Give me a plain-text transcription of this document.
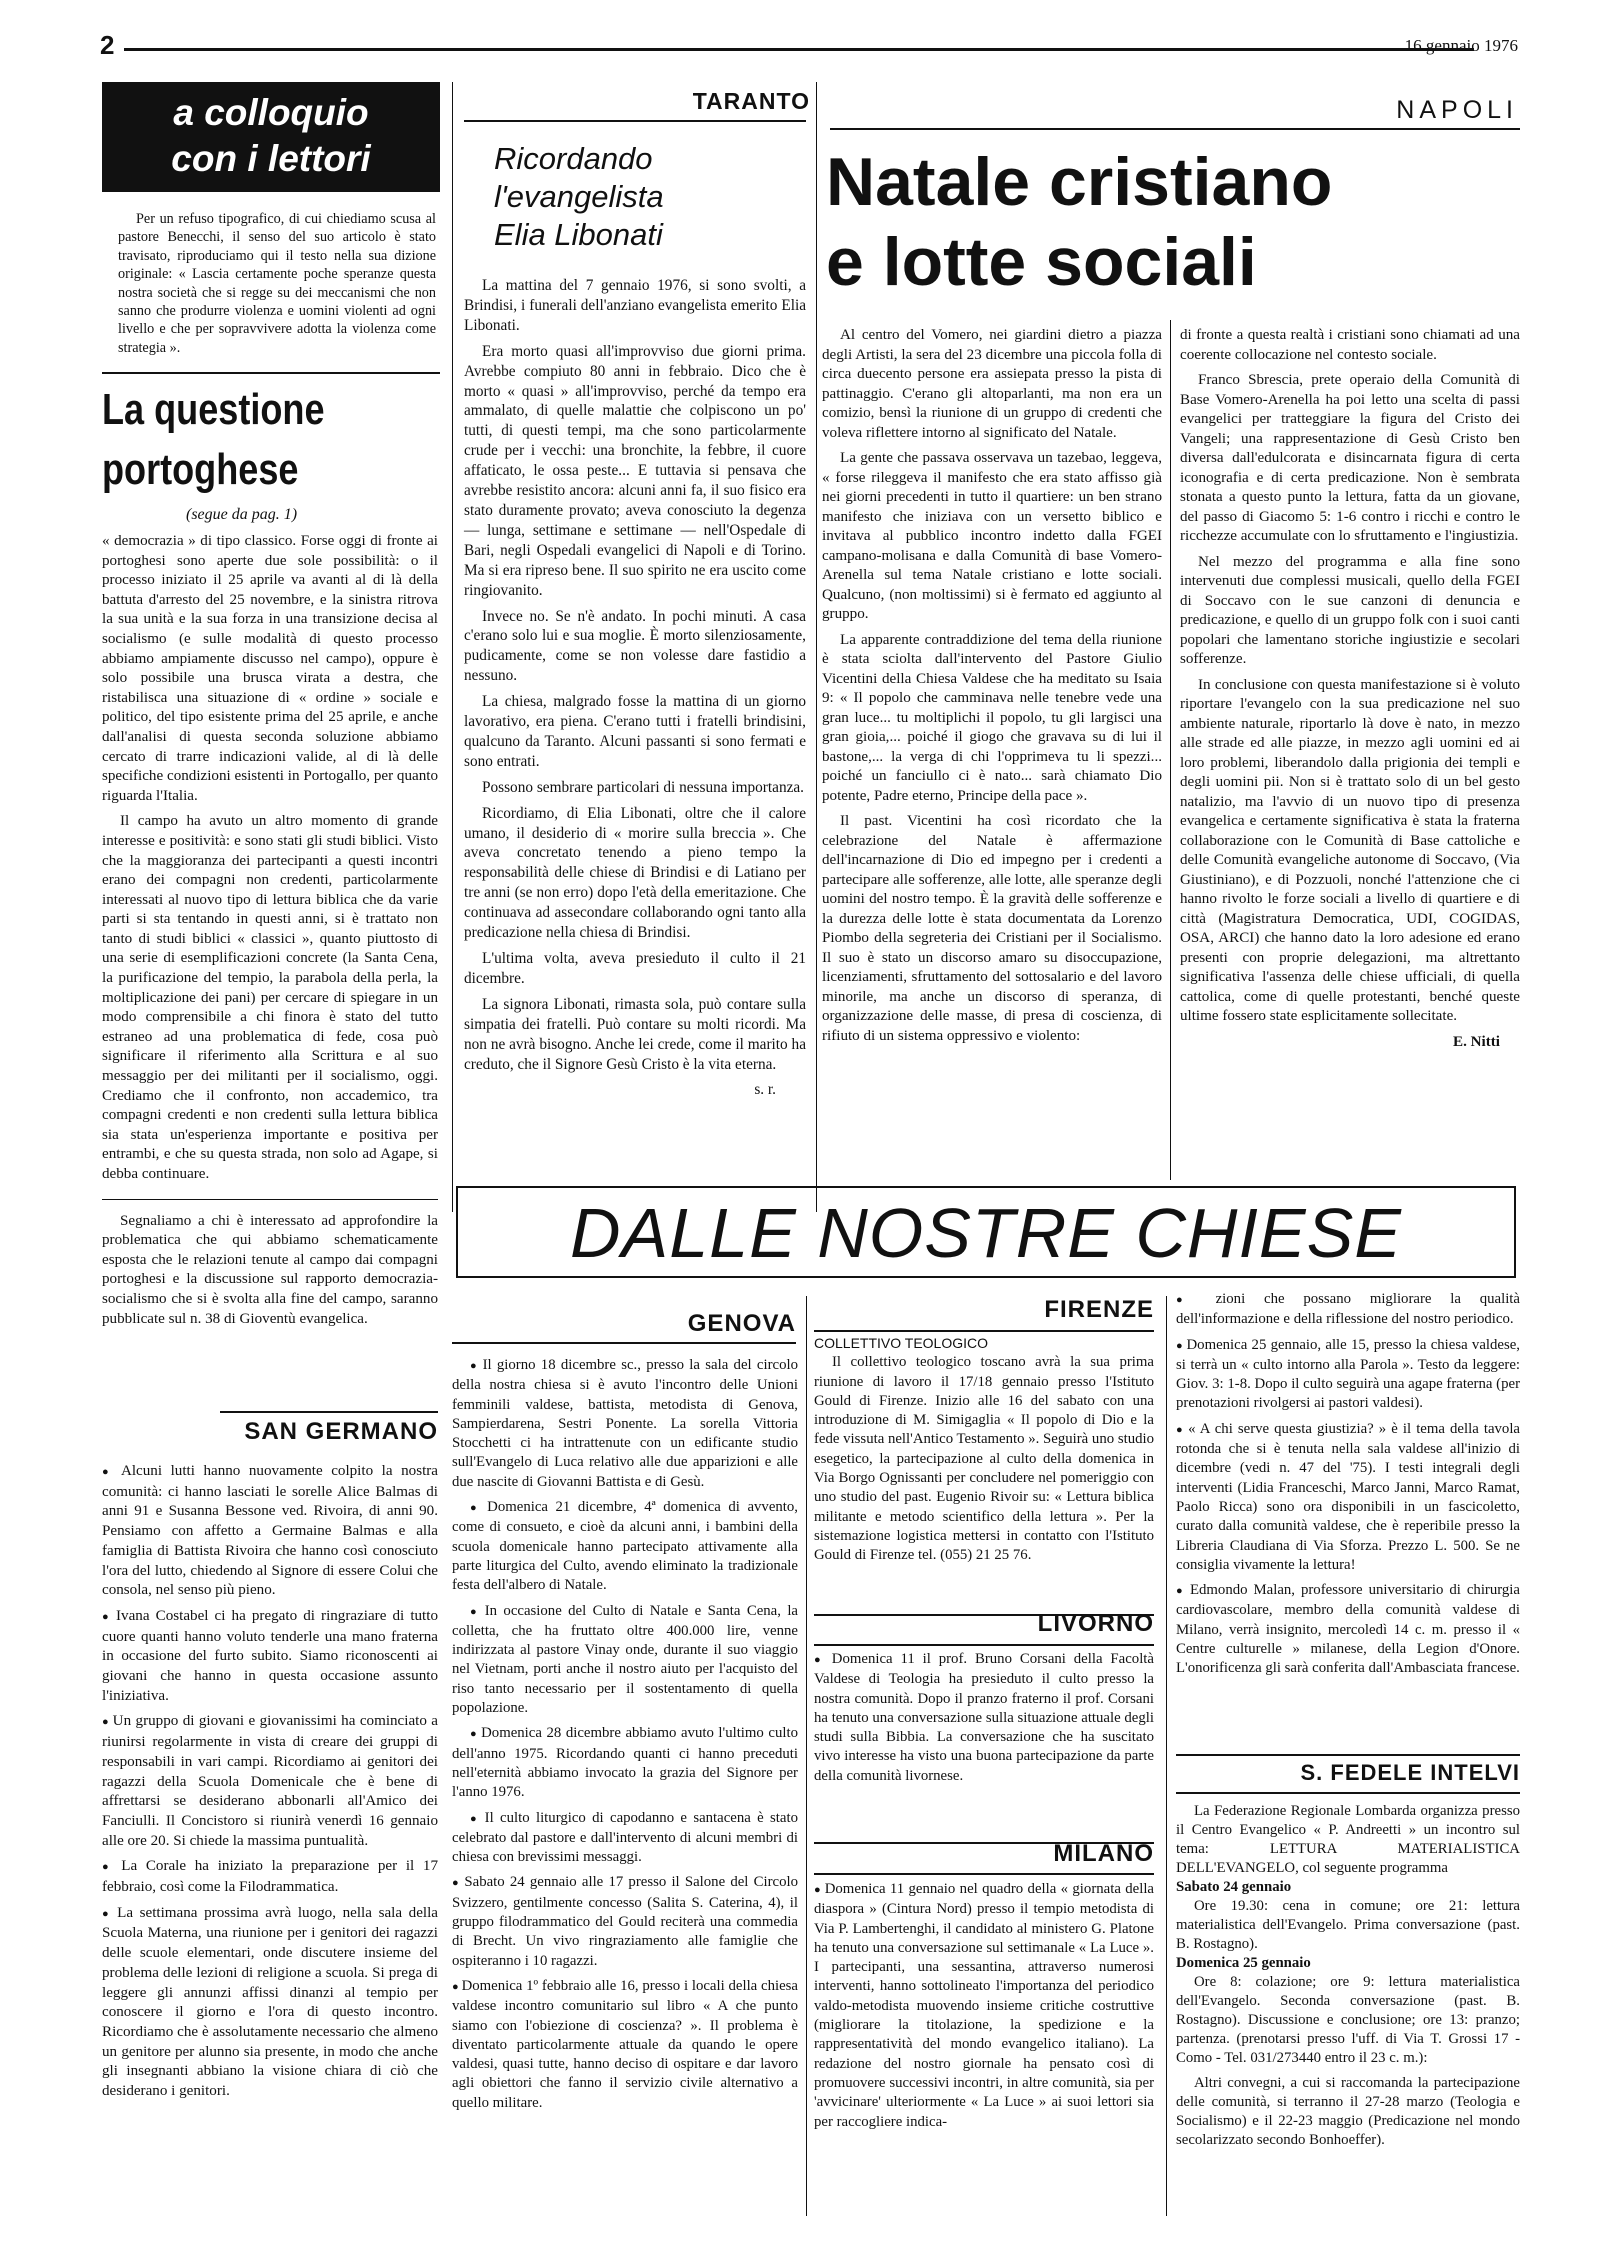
2	16 gennaio 1976
a colloquio
con i lettori

Per un refuso tipografico, di cui chiediamo scusa al pastore Benecchi, il senso del suo articolo è stato travisato, riproduciamo qui il testo nella sua dizione originale: « Lascia certamente poche speranze questa nostra società che si regge su dei meccanismi che non sanno che produrre violenza e uomini violenti ad ogni livello e che per sopravvivere adotta la violenza come strategia ».

La questione
portoghese
(segue da pag. 1)

« democrazia » di tipo classico. Forse oggi di fronte ai portoghesi sono aperte due sole possibilità: o il processo iniziato il 25 aprile va avanti al di là della battuta d'arresto del 25 novembre, e la sinistra ritrova la sua unità e la sua forza in una transizione decisa al socialismo (e sulle modalità di questo processo abbiamo ampiamente discusso nel campo), oppure è solo possibile una brusca virata a destra, che ristabilisca una situazione di « ordine » sociale e politico, del tipo esistente prima del 25 aprile, e anche dall'analisi di questa seconda soluzione abbiamo cercato di trarre indicazioni valide, al di là delle specifiche condizioni esistenti in Portogallo, per quanto riguarda l'Italia.

Il campo ha avuto un altro momento di grande interesse e positività: e sono stati gli studi biblici. Visto che la maggioranza dei partecipanti a questi incontri erano dei compagni non credenti, particolarmente interessati al nuovo tipo di lettura biblica che da varie parti si sta tentando in questi anni, si è trattato non tanto di studi biblici « classici », quanto piuttosto di una serie di esemplificazioni concrete (la Santa Cena, la purificazione del tempio, la parabola della perla, la moltiplicazione dei pani) per cercare di spiegare in un modo comprensibile a chi finora è stato del tutto estraneo ad una problematica di fede, cosa può significare il riferimento alla Scrittura e al suo messaggio per dei militanti per il socialismo, oggi. Crediamo che il confronto, non accademico, tra compagni credenti e non credenti sulla lettura biblica sia stata un'esperienza importante e positiva per entrambi, e che su questa strada, non solo ad Agape, si debba continuare.

Segnaliamo a chi è interessato ad approfondire la problematica che qui abbiamo schematicamente esposta che le relazioni tenute al campo dai compagni portoghesi e la discussione sul rapporto democrazia-socialismo che si è svolta alla fine del campo, saranno pubblicate sul n. 38 di Gioventù evangelica.

SAN GERMANO

● Alcuni lutti hanno nuovamente colpito la nostra comunità: ci hanno lasciati le sorelle Alice Balmas di anni 91 e Susanna Bessone ved. Rivoira, di anni 90. Pensiamo con affetto a Germaine Balmas e alla famiglia di Battista Rivoira che hanno così conosciuto l'ora del lutto, chiedendo al Signore di essere Colui che consola, nel senso più pieno.

● Ivana Costabel ci ha pregato di ringraziare di tutto cuore quanti hanno voluto tenderle una mano fraterna in occasione del furto subito. Siamo riconoscenti ai giovani che hanno in questa occasione assunto l'iniziativa.

● Un gruppo di giovani e giovanissimi ha cominciato a riunirsi regolarmente in vista di creare dei gruppi di responsabili in vari campi. Ricordiamo ai genitori dei ragazzi della Scuola Domenicale che è bene di affrettarsi se desiderano abbonarli all'Amico dei Fanciulli. Il Concistoro si riunirà venerdì 16 gennaio alle ore 20. Si chiede la massima puntualità.

● La Corale ha iniziato la preparazione per il 17 febbraio, così come la Filodrammatica.

● La settimana prossima avrà luogo, nella sala della Scuola Materna, una riunione per i genitori dei ragazzi delle scuole elementari, onde discutere insieme del problema delle lezioni di religione a scuola. Si prega di leggere gli annunzi affissi dinanzi al tempio per conoscere il giorno e l'ora di questo incontro. Ricordiamo che è assolutamente necessario che almeno un genitore per alunno sia presente, in modo che anche gli insegnanti abbiano la visione chiara di ciò che desiderano i genitori.

TARANTO
Ricordando
l'evangelista
Elia Libonati

La mattina del 7 gennaio 1976, si sono svolti, a Brindisi, i funerali dell'anziano evangelista emerito Elia Libonati.

Era morto quasi all'improvviso due giorni prima. Avrebbe compiuto 80 anni in febbraio. Dico che è morto « quasi » all'improvviso, perché da tempo era ammalato, di quelle malattie che colpiscono un po' tutti, di questi tempi, ma che sono particolarmente crude per i vecchi: una bronchite, la febbre, il cuore affaticato, le ossa peste... E tuttavia si pensava che avrebbe resistito ancora: alcuni anni fa, il suo fisico era stato duramente provato; aveva conosciuto la degenza — lunga, settimane e settimane — nell'Ospedale di Bari, negli Ospedali evangelici di Napoli e di Torino. Ma si era ripreso bene. Il suo spirito ne era uscito come ringiovanito.

Invece no. Se n'è andato. In pochi minuti. A casa c'erano solo lui e sua moglie. È morto silenziosamente, pudicamente, come se non volesse dare fastidio a nessuno.

La chiesa, malgrado fosse la mattina di un giorno lavorativo, era piena. C'erano tutti i fratelli brindisini, qualcuno da Taranto. Alcuni passanti si sono fermati e sono entrati.

Possono sembrare particolari di nessuna importanza.

Ricordiamo, di Elia Libonati, oltre che il calore umano, il desiderio di « morire sulla breccia ». Che aveva concretato tenendo a pieno tempo la responsabilità delle chiese di Brindisi e di Latiano per tre anni (se non erro) dopo l'età della emeritazione. Che continuava ad assecondare collaborando ogni tanto alla predicazione nella chiesa di Brindisi.

L'ultima volta, aveva presieduto il culto il 21 dicembre.

La signora Libonati, rimasta sola, può contare sulla simpatia dei fratelli. Può contare su molti ricordi. Ma non ne avrà bisogno. Anche lei crede, come il marito ha creduto, che il Signore Gesù Cristo è la vita eterna.

s. r.
NAPOLI
Natale cristiano
e lotte sociali

Al centro del Vomero, nei giardini dietro a piazza degli Artisti, la sera del 23 dicembre una piccola folla di circa duecento persone era assiepata presso la pista di pattinaggio. C'erano gli altoparlanti, ma non era un comizio, bensì la riunione di un gruppo di credenti che voleva riflettere intorno al significato del Natale.

La gente che passava osservava un tazebao, leggeva, « forse rileggeva il manifesto che era stato affisso già nei giorni precedenti in tutto il quartiere: un ben strano manifesto che iniziava con un versetto biblico e invitava al pubblico incontro indetto dalla FGEI campano-molisana e dalla Comunità di base Vomero-Arenella sul tema Natale cristiano e lotte sociali. Qualcuno, (non moltissimi) si è fermato ed aggiunto al gruppo.

La apparente contraddizione del tema della riunione è stata sciolta dall'intervento del Pastore Giulio Vicentini della Chiesa Valdese che ha meditato su Isaia 9: « Il popolo che camminava nelle tenebre vede una gran luce... tu moltiplichi il popolo, tu gli largisci una gran gioia,... poiché il giogo che gravava su di lui il bastone,... la verga di chi l'opprimeva tu li spezzi... poiché un fanciullo ci è nato... sarà chiamato Dio potente, Padre eterno, Principe della pace ».

Il past. Vicentini ha così ricordato che la celebrazione del Natale è affermazione dell'incarnazione di Dio ed impegno per i credenti a partecipare alle sofferenze, alle lotte, alle speranze degli uomini del nostro tempo. È la gravità delle sofferenze e la durezza delle lotte è stata documentata da Lorenzo Piombo della segreteria dei Cristiani per il Socialismo. Il suo è stato un discorso amaro su disoccupazione, licenziamenti, sfruttamento del sottosalario e del lavoro minorile, ma anche un discorso di speranza, di organizzazione delle masse, di presa di coscienza, di rifiuto di un sistema oppressivo e violento:

di fronte a questa realtà i cristiani sono chiamati ad una coerente collocazione nel contesto sociale.

Franco Sbrescia, prete operaio della Comunità di Base Vomero-Arenella ha poi letto una scelta di passi evangelici per tratteggiare la figura del Cristo dei Vangeli; una rappresentazione di Gesù Cristo ben diversa dall'edulcorata e disincarnata figura di certa iconografia e di certa predicazione. Non è sembrata stonata a questo punto la lettura, fatta da un giovane, del passo di Giacomo 5: 1-6 contro i ricchi e contro le ricchezze accumulate con lo sfruttamento e l'ingiustizia.

Nel mezzo del programma e alla fine sono intervenuti due complessi musicali, quello della FGEI di Soccavo con le sue canzoni di denuncia e predicazione, e quello di un gruppo folk con i suoi canti popolari che lamentano storiche ingiustizie e secolari sofferenze.

In conclusione con questa manifestazione si è voluto riportare l'evangelo con la sua predicazione nel suo ambiente naturale, riportarlo là dove è nato, in mezzo alle strade ed alle piazze, in mezzo agli uomini ed ai loro problemi, liberandolo dalla prigionia dei templi e degli uomini pii. Non si è trattato solo di un bel gesto natalizio, ma l'avvio di un nuovo tipo di presenza evangelica e certamente significativa è stata la fraterna collaborazione con le Comunità di Base cattoliche e delle Comunità evangeliche autonome di Soccavo, (Via Giustiniano), e di Pozzuoli, nonché l'attenzione che ci hanno rivolto le forze sociali a livello di quartiere e di città (Magistratura Democratica, UDI, COGIDAS, OSA, ARCI) che hanno dato la loro adesione ed erano presenti con proprie delegazioni, ma altrettanto significativa l'assenza delle chiese ufficiali, di quella cattolica, come di quelle protestanti, benché queste ultime fossero state esplicitamente sollecitate.

E. Nitti
DALLE NOSTRE CHIESE
GENOVA

● Il giorno 18 dicembre sc., presso la sala del circolo della nostra chiesa si è avuto l'incontro delle Unioni femminili valdese, battista, metodista di Genova, Sampierdarena, Sestri Ponente. La sorella Vittoria Stocchetti ci ha intrattenute con un edificante studio sull'Evangelo di Luca relativo alle due apparizioni e alle due nascite di Giovanni Battista e di Gesù.

● Domenica 21 dicembre, 4ª domenica di avvento, come di consueto, e cioè da alcuni anni, i bambini della scuola domenicale hanno partecipato attivamente alla parte liturgica del Culto, avendo eliminato la tradizionale festa dell'albero di Natale.

● In occasione del Culto di Natale e Santa Cena, la colletta, che ha fruttato oltre 400.000 lire, venne indirizzata al pastore Vinay onde, durante il suo viaggio nel Vietnam, porti anche il nostro aiuto per l'acquisto del riso tanto necessario per il sostentamento di quella popolazione.

● Domenica 28 dicembre abbiamo avuto l'ultimo culto dell'anno 1975. Ricordando quanti ci hanno preceduti nell'eternità abbiamo invocato la grazia del Signore per l'anno 1976.

● Il culto liturgico di capodanno e santacena è stato celebrato dal pastore e dall'intervento di alcuni membri di chiesa con brevissimi messaggi.

● Sabato 24 gennaio alle 17 presso il Salone del Circolo Svizzero, gentilmente concesso (Salita S. Caterina, 4), il gruppo filodrammatico del Gould reciterà una commedia di Brecht. Un vivo ringraziamento alle famiglie che ospiteranno i 10 ragazzi.

● Domenica 1º febbraio alle 16, presso i locali della chiesa valdese incontro comunitario sul libro « A che punto siamo con l'obiezione di coscienza? ». Il problema è diventato particolarmente attuale da quando le opere valdesi, quasi tutte, hanno deciso di ospitare e dar lavoro agli obiettori che fanno il servizio civile alternativo a quello militare.

FIRENZE
COLLETTIVO TEOLOGICO

Il collettivo teologico toscano avrà la sua prima riunione di lavoro il 17/18 gennaio presso l'Istituto Gould di Firenze. Inizio alle 16 del sabato con una introduzione di M. Simigaglia « Il popolo di Dio e la fede vissuta nell'Antico Testamento ». Seguirà uno studio esegetico, la partecipazione al culto della domenica in Via Borgo Ognissanti per concludere nel pomeriggio con uno studio del past. Eugenio Rivoir su: « Lettura biblica militante e metodo scientifico della lettura ». Per la sistemazione logistica mettersi in contatto con l'Istituto Gould di Firenze tel. (055) 21 25 76.

LIVORNO

● Domenica 11 il prof. Bruno Corsani della Facoltà Valdese di Teologia ha presieduto il culto presso la nostra comunità. Dopo il pranzo fraterno il prof. Corsani ha tenuto una conversazione sulla situazione attuale degli studi sulla Bibbia. La conversazione che ha suscitato vivo interesse ha visto una buona partecipazione da parte della comunità livornese.

MILANO

● Domenica 11 gennaio nel quadro della « giornata della diaspora » (Cintura Nord) presso il tempio metodista di Via P. Lambertenghi, il candidato al ministero G. Platone ha tenuto una conversazione sul settimanale « La Luce ». I partecipanti, una sessantina, attraverso numerosi interventi, hanno sottolineato l'importanza del periodico valdo-metodista muovendo insieme critiche costruttive (migliorare la titolazione, la spedizione e la rappresentatività del mondo evangelico italiano). La redazione del nostro giornale ha pensato così di promuovere successivi incontri, in altre comunità, sia per 'avvicinare' ulteriormente « La Luce » ai suoi lettori sia per raccogliere indica-

● zioni che possano migliorare la qualità dell'informazione e della riflessione del nostro periodico.

● Domenica 25 gennaio, alle 15, presso la chiesa valdese, si terrà un « culto intorno alla Parola ». Testo da leggere: Giov. 3: 1-8. Dopo il culto seguirà una agape fraterna (per prenotazioni rivolgersi ai pastori valdesi).

● « A chi serve questa giustizia? » è il tema della tavola rotonda che si è tenuta nella sala valdese all'inizio di dicembre (vedi n. 47 del '75). I testi integrali degli interventi (Lidia Franceschi, Marco Janni, Marco Ramat, Paolo Ricca) sono ora disponibili in un fascicoletto, curato dalla comunità valdese, che è reperibile presso la Libreria Claudiana di Via Sforza. Prezzo L. 500. Se ne consiglia vivamente la lettura!

● Edmondo Malan, professore universitario di chirurgia cardiovascolare, membro della comunità valdese di Milano, verrà insignito, mercoledì 14 c. m. presso il « Centre culturelle » milanese, della Legion d'Onore. L'onorificenza gli sarà conferita dall'Ambasciata francese.

S. FEDELE INTELVI

La Federazione Regionale Lombarda organizza presso il Centro Evangelico « P. Andreetti » un incontro sul tema: LETTURA MATERIALISTICA DELL'EVANGELO, col seguente programma

Sabato 24 gennaio

Ore 19.30: cena in comune; ore 21: lettura materialistica dell'Evangelo. Prima conversazione (past. B. Rostagno).

Domenica 25 gennaio

Ore 8: colazione; ore 9: lettura materialistica dell'Evangelo. Seconda conversazione (past. B. Rostagno). Discussione e conclusione; ore 13: pranzo; partenza. (prenotarsi presso l'uff. di Via T. Grossi 17 - Como - Tel. 031/273440 entro il 23 c. m.):

Altri convegni, a cui si raccomanda la partecipazione delle comunità, si terranno il 27-28 marzo (Teologia e Socialismo) e il 22-23 maggio (Predicazione nel mondo secolarizzato secondo Bonhoeffer).
